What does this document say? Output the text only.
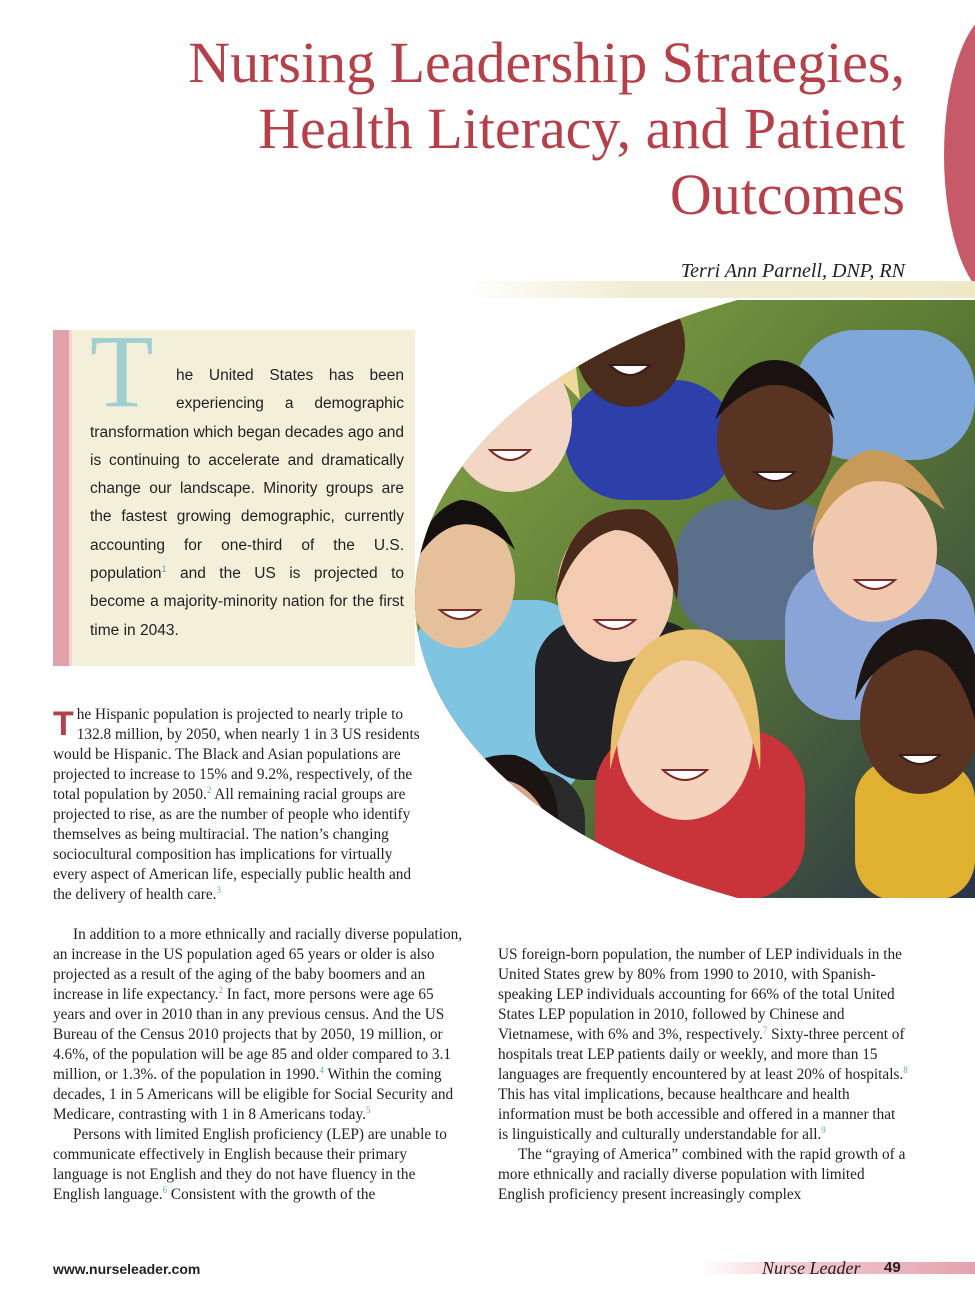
Nursing Leadership Strategies,
Health Literacy, and Patient
Outcomes

Terri Ann Parnell, DNP, RN

T	he United States has been experiencing a demographic transformation which began decades ago and is continuing to accelerate and dramatically change our landscape. Minority groups are the fastest growing demographic, currently accounting for one-third of the U.S. population$^1$ and the US is projected to become a majority-minority nation for the first time in 2043.

The Hispanic population is projected to nearly triple to 132.8 million, by 2050, when nearly 1 in 3 US residents would be Hispanic. The Black and Asian populations are projected to increase to 15% and 9.2%, respectively, of the total population by 2050.$^2$ All remaining racial groups are projected to rise, as are the number of people who identify themselves as being multiracial. The nation’s changing sociocultural composition has implications for virtually every aspect of American life, especially public health and the delivery of health care.$^3$

In addition to a more ethnically and racially diverse population, an increase in the US population aged 65 years or older is also projected as a result of the aging of the baby boomers and an increase in life expectancy.$^2$ In fact, more persons were age 65 years and over in 2010 than in any previous census. And the US Bureau of the Census 2010 projects that by 2050, 19 million, or 4.6%, of the population will be age 85 and older compared to 3.1 million, or 1.3%. of the population in 1990.$^4$ Within the coming decades, 1 in 5 Americans will be eligible for Social Security and Medicare, contrasting with 1 in 8 Americans today.$^5$

Persons with limited English proficiency (LEP) are unable to communicate effectively in English because their primary language is not English and they do not have fluency in the English language.$^6$ Consistent with the growth of the

US foreign-born population, the number of LEP individuals in the United States grew by 80% from 1990 to 2010, with Spanish-speaking LEP individuals accounting for 66% of the total United States LEP population in 2010, followed by Chinese and Vietnamese, with 6% and 3%, respectively.$^7$ Sixty-three percent of hospitals treat LEP patients daily or weekly, and more than 15 languages are frequently encountered by at least 20% of hospitals.$^8$ This has vital implications, because healthcare and health information must be both accessible and offered in a manner that is linguistically and culturally understandable for all.$^9$

The “graying of America” combined with the rapid growth of a more ethnically and racially diverse population with limited English proficiency present increasingly complex

www.nurseleader.com	Nurse Leader 49
